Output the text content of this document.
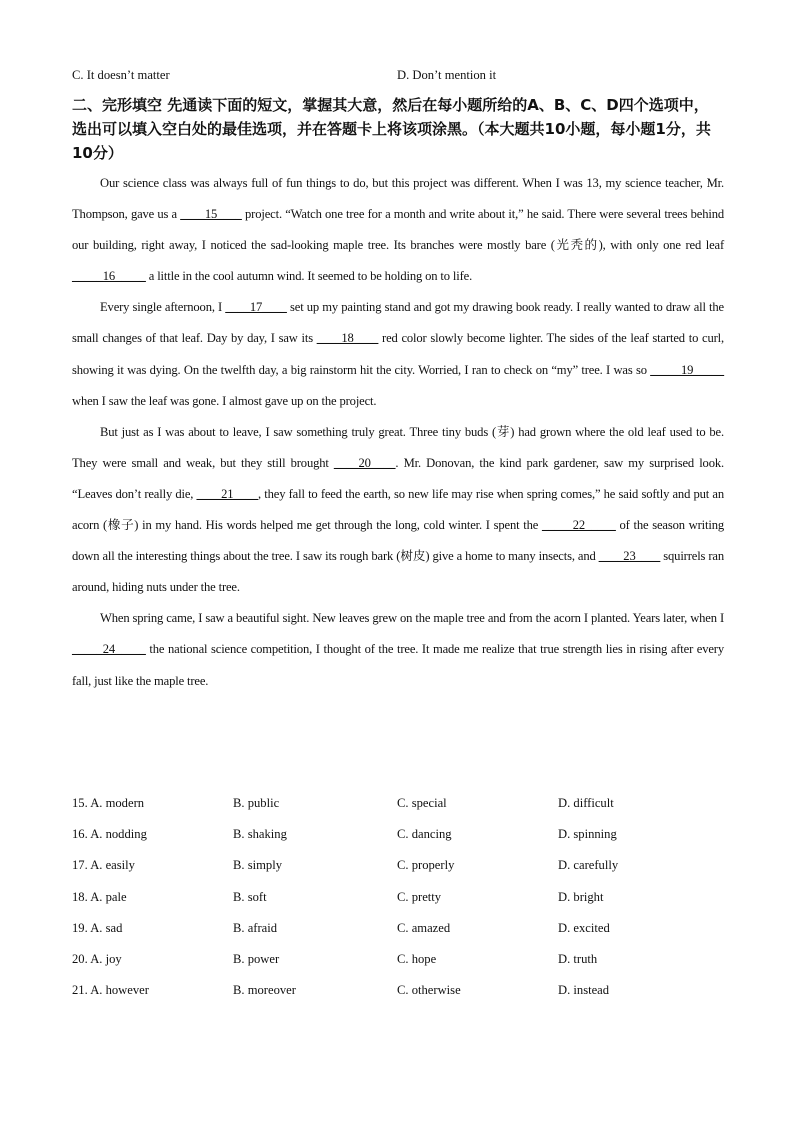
C. It doesn’t matter	D. Don’t mention it
二、完形填空 先通读下面的短文，掌握其大意，然后在每小题所给的A、B、C、D四个选项中，选出可以填入空白处的最佳选项，并在答题卡上将该项涂黑。（本大题共10小题，每小题1分，共10分）

Our science class was always full of fun things to do, but this project was different. When I was 13, my science teacher, Mr. Thompson, gave us a ____15____ project. “Watch one tree for a month and write about it,” he said. There were several trees behind our building, right away, I noticed the sad-looking maple tree. Its branches were mostly bare (光秃的), with only one red leaf _____16_____ a little in the cool autumn wind. It seemed to be holding on to life.

Every single afternoon, I ____17____ set up my painting stand and got my drawing book ready. I really wanted to draw all the small changes of that leaf. Day by day, I saw its ____18____ red color slowly become lighter. The sides of the leaf started to curl, showing it was dying. On the twelfth day, a big rainstorm hit the city. Worried, I ran to check on “my” tree. I was so _____19_____ when I saw the leaf was gone. I almost gave up on the project.

But just as I was about to leave, I saw something truly great. Three tiny buds (芽) had grown where the old leaf used to be. They were small and weak, but they still brought ____20____. Mr. Donovan, the kind park gardener, saw my surprised look. “Leaves don’t really die, ____21____, they fall to feed the earth, so new life may rise when spring comes,” he said softly and put an acorn (橡子) in my hand. His words helped me get through the long, cold winter. I spent the _____22_____ of the season writing down all the interesting things about the tree. I saw its rough bark (树皮) give a home to many insects, and ____23____ squirrels ran around, hiding nuts under the tree.

When spring came, I saw a beautiful sight. New leaves grew on the maple tree and from the acorn I planted. Years later, when I _____24_____ the national science competition, I thought of the tree. It made me realize that true strength lies in rising after every fall, just like the maple tree.

15. A. modern	B. public	C. special	D. difficult
16. A. nodding	B. shaking	C. dancing	D. spinning
17. A. easily	B. simply	C. properly	D. carefully
18. A. pale	B. soft	C. pretty	D. bright
19. A. sad	B. afraid	C. amazed	D. excited
20. A. joy	B. power	C. hope	D. truth
21. A. however	B. moreover	C. otherwise	D. instead
